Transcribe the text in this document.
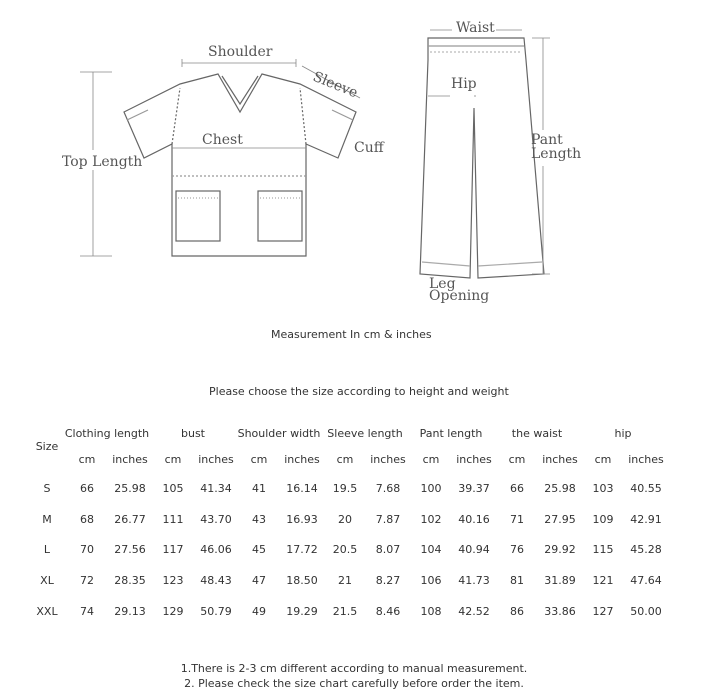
Shoulder
Sleeve
Chest	Cuff
Top Length
Waist
Hip
Pant
Length
Leg
Opening
Measurement In cm & inches
Please choose the size according to height and weight
Size	Clothing length		bust		Shoulder width		Sleeve length		Pant length		the waist		hip	
	cm	inches	cm	inches	cm	inches	cm	inches	cm	inches	cm	inches	cm	inches
S	66	25.98	105	41.34	41	16.14	19.5	7.68	100	39.37	66	25.98	103	40.55
M	68	26.77	111	43.70	43	16.93	20	7.87	102	40.16	71	27.95	109	42.91
L	70	27.56	117	46.06	45	17.72	20.5	8.07	104	40.94	76	29.92	115	45.28
XL	72	28.35	123	48.43	47	18.50	21	8.27	106	41.73	81	31.89	121	47.64
XXL	74	29.13	129	50.79	49	19.29	21.5	8.46	108	42.52	86	33.86	127	50.00
1.There is 2-3 cm different according to manual measurement.
2. Please check the size chart carefully before order the item.
